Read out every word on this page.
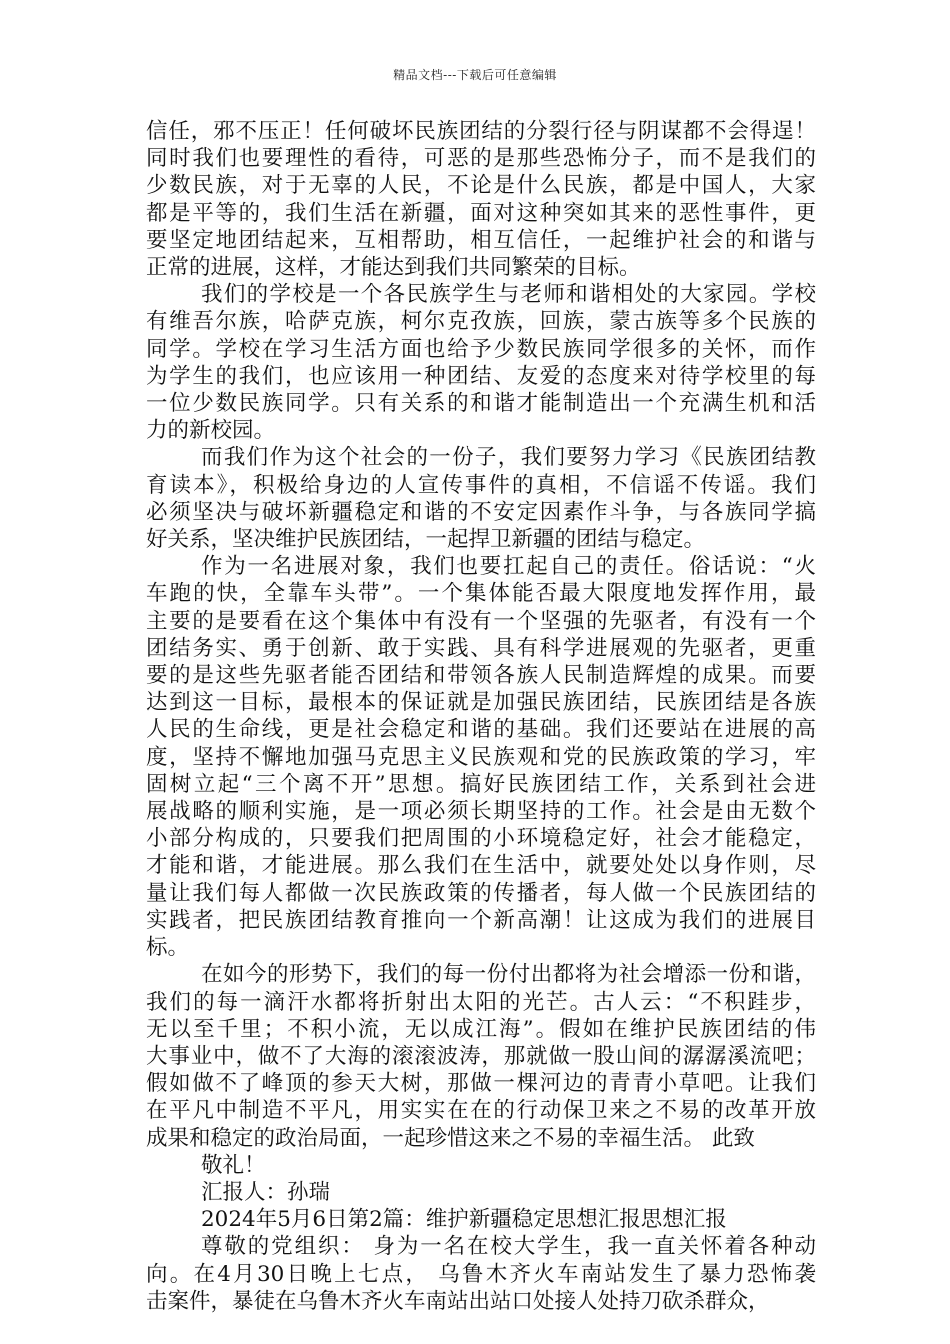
精品文档---下载后可任意编辑
信任，邪不压正！任何破坏民族团结的分裂行径与阴谋都不会得逞！
同时我们也要理性的看待，可恶的是那些恐怖分子，而不是我们的
少数民族，对于无辜的人民，不论是什么民族，都是中国人，大家
都是平等的，我们生活在新疆，面对这种突如其来的恶性事件，更
要坚定地团结起来，互相帮助，相互信任，一起维护社会的和谐与
正常的进展，这样，才能达到我们共同繁荣的目标。
我们的学校是一个各民族学生与老师和谐相处的大家园。学校
有维吾尔族，哈萨克族，柯尔克孜族，回族，蒙古族等多个民族的
同学。学校在学习生活方面也给予少数民族同学很多的关怀，而作
为学生的我们，也应该用一种团结、友爱的态度来对待学校里的每
一位少数民族同学。只有关系的和谐才能制造出一个充满生机和活
力的新校园。
而我们作为这个社会的一份子，我们要努力学习《民族团结教
育读本》，积极给身边的人宣传事件的真相，不信谣不传谣。我们
必须坚决与破坏新疆稳定和谐的不安定因素作斗争，与各族同学搞
好关系，坚决维护民族团结，一起捍卫新疆的团结与稳定。
作为一名进展对象，我们也要扛起自己的责任。俗话说：“火
车跑的快，全靠车头带”。一个集体能否最大限度地发挥作用，最
主要的是要看在这个集体中有没有一个坚强的先驱者，有没有一个
团结务实、勇于创新、敢于实践、具有科学进展观的先驱者，更重
要的是这些先驱者能否团结和带领各族人民制造辉煌的成果。而要
达到这一目标，最根本的保证就是加强民族团结，民族团结是各族
人民的生命线，更是社会稳定和谐的基础。我们还要站在进展的高
度，坚持不懈地加强马克思主义民族观和党的民族政策的学习，牢
固树立起“三个离不开”思想。搞好民族团结工作，关系到社会进
展战略的顺利实施，是一项必须长期坚持的工作。社会是由无数个
小部分构成的，只要我们把周围的小环境稳定好，社会才能稳定，
才能和谐，才能进展。那么我们在生活中，就要处处以身作则，尽
量让我们每人都做一次民族政策的传播者，每人做一个民族团结的
实践者，把民族团结教育推向一个新高潮！让这成为我们的进展目
标。
在如今的形势下，我们的每一份付出都将为社会增添一份和谐，
我们的每一滴汗水都将折射出太阳的光芒。古人云：“不积跬步，
无以至千里；不积小流，无以成江海”。假如在维护民族团结的伟
大事业中，做不了大海的滚滚波涛，那就做一股山间的潺潺溪流吧；
假如做不了峰顶的参天大树，那做一棵河边的青青小草吧。让我们
在平凡中制造不平凡，用实实在在的行动保卫来之不易的改革开放
成果和稳定的政治局面，一起珍惜这来之不易的幸福生活。 此致
敬礼！
汇报人：孙瑞
2024年5月6日第2篇：维护新疆稳定思想汇报思想汇报
尊敬的党组织： 身为一名在校大学生，我一直关怀着各种动
向。在4月30日晚上七点， 乌鲁木齐火车南站发生了暴力恐怖袭
击案件，暴徒在乌鲁木齐火车南站出站口处接人处持刀砍杀群众，
